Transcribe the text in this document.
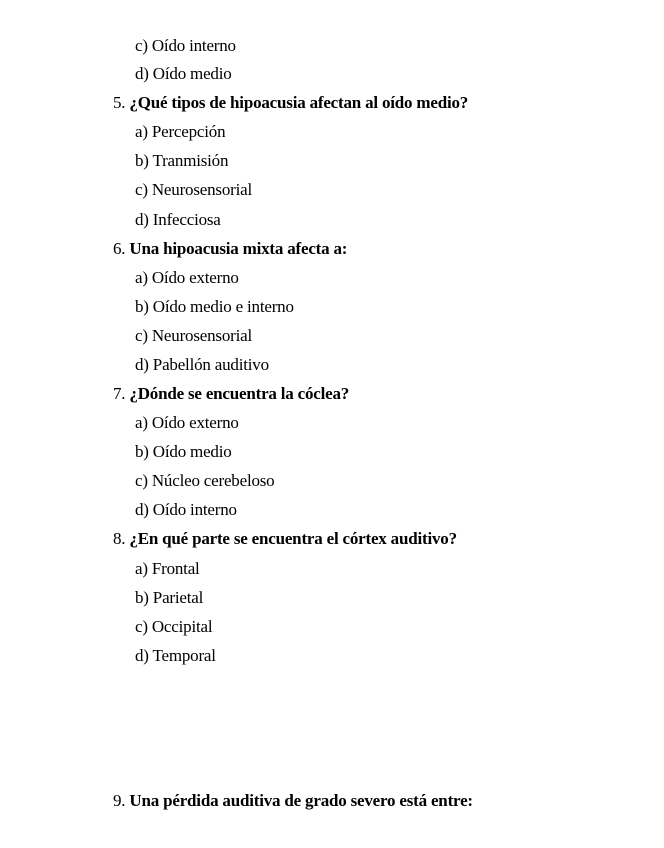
c) Oído interno
d) Oído medio
5. ¿Qué tipos de hipoacusia afectan al oído medio?
a) Percepción
b) Tranmisión
c) Neurosensorial
d) Infecciosa
6. Una hipoacusia mixta afecta a:
a) Oído externo
b) Oído medio e interno
c) Neurosensorial
d) Pabellón auditivo
7. ¿Dónde se encuentra la cóclea?
a) Oído externo
b) Oído medio
c) Núcleo cerebeloso
d) Oído interno
8. ¿En qué parte se encuentra el córtex auditivo?
a) Frontal
b) Parietal
c) Occipital
d) Temporal
9. Una pérdida auditiva de grado severo está entre:
